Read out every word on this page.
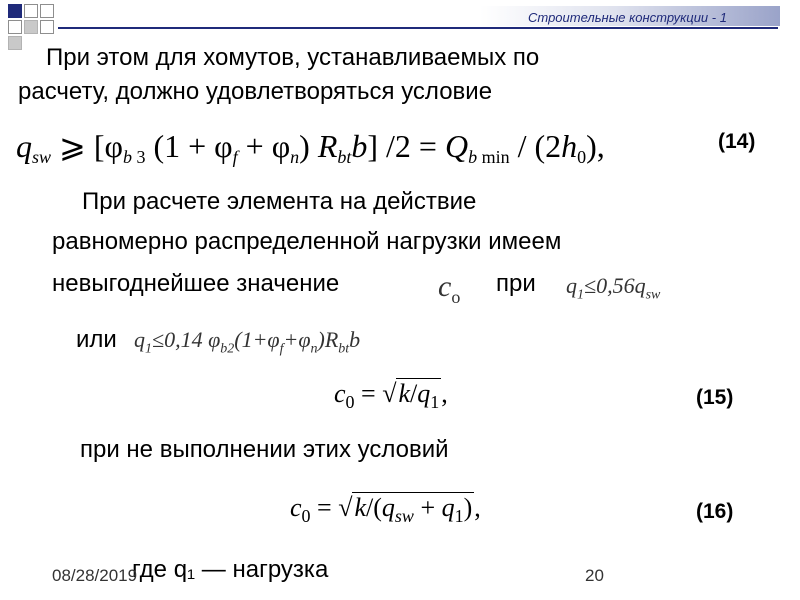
Строительные конструкции - 1
При этом для хомутов, устанавливаемых по
расчету, должно удовлетворяться условие
qsw ⩾ [φb 3 (1 + φf + φn) Rbtb] /2 = Qb min / (2h0),	(14)
При расчете элемента на действие
равномерно распределенной нагрузки имеем
невыгоднейшее значение	$c_o$ при $q_1\le 0,56q_{sw}$
или $q_1\le 0,14$ $\varphi_{b2}(1+\varphi_f+\varphi_n)R_{bt}b$
$c_0 = √k/q_1$,	(15)
при не выполнении этих условий
$c_0 = √k/(q_{sw} + q_1)$,	(16)
где q₁ — нагрузка
08/28/2019	20
